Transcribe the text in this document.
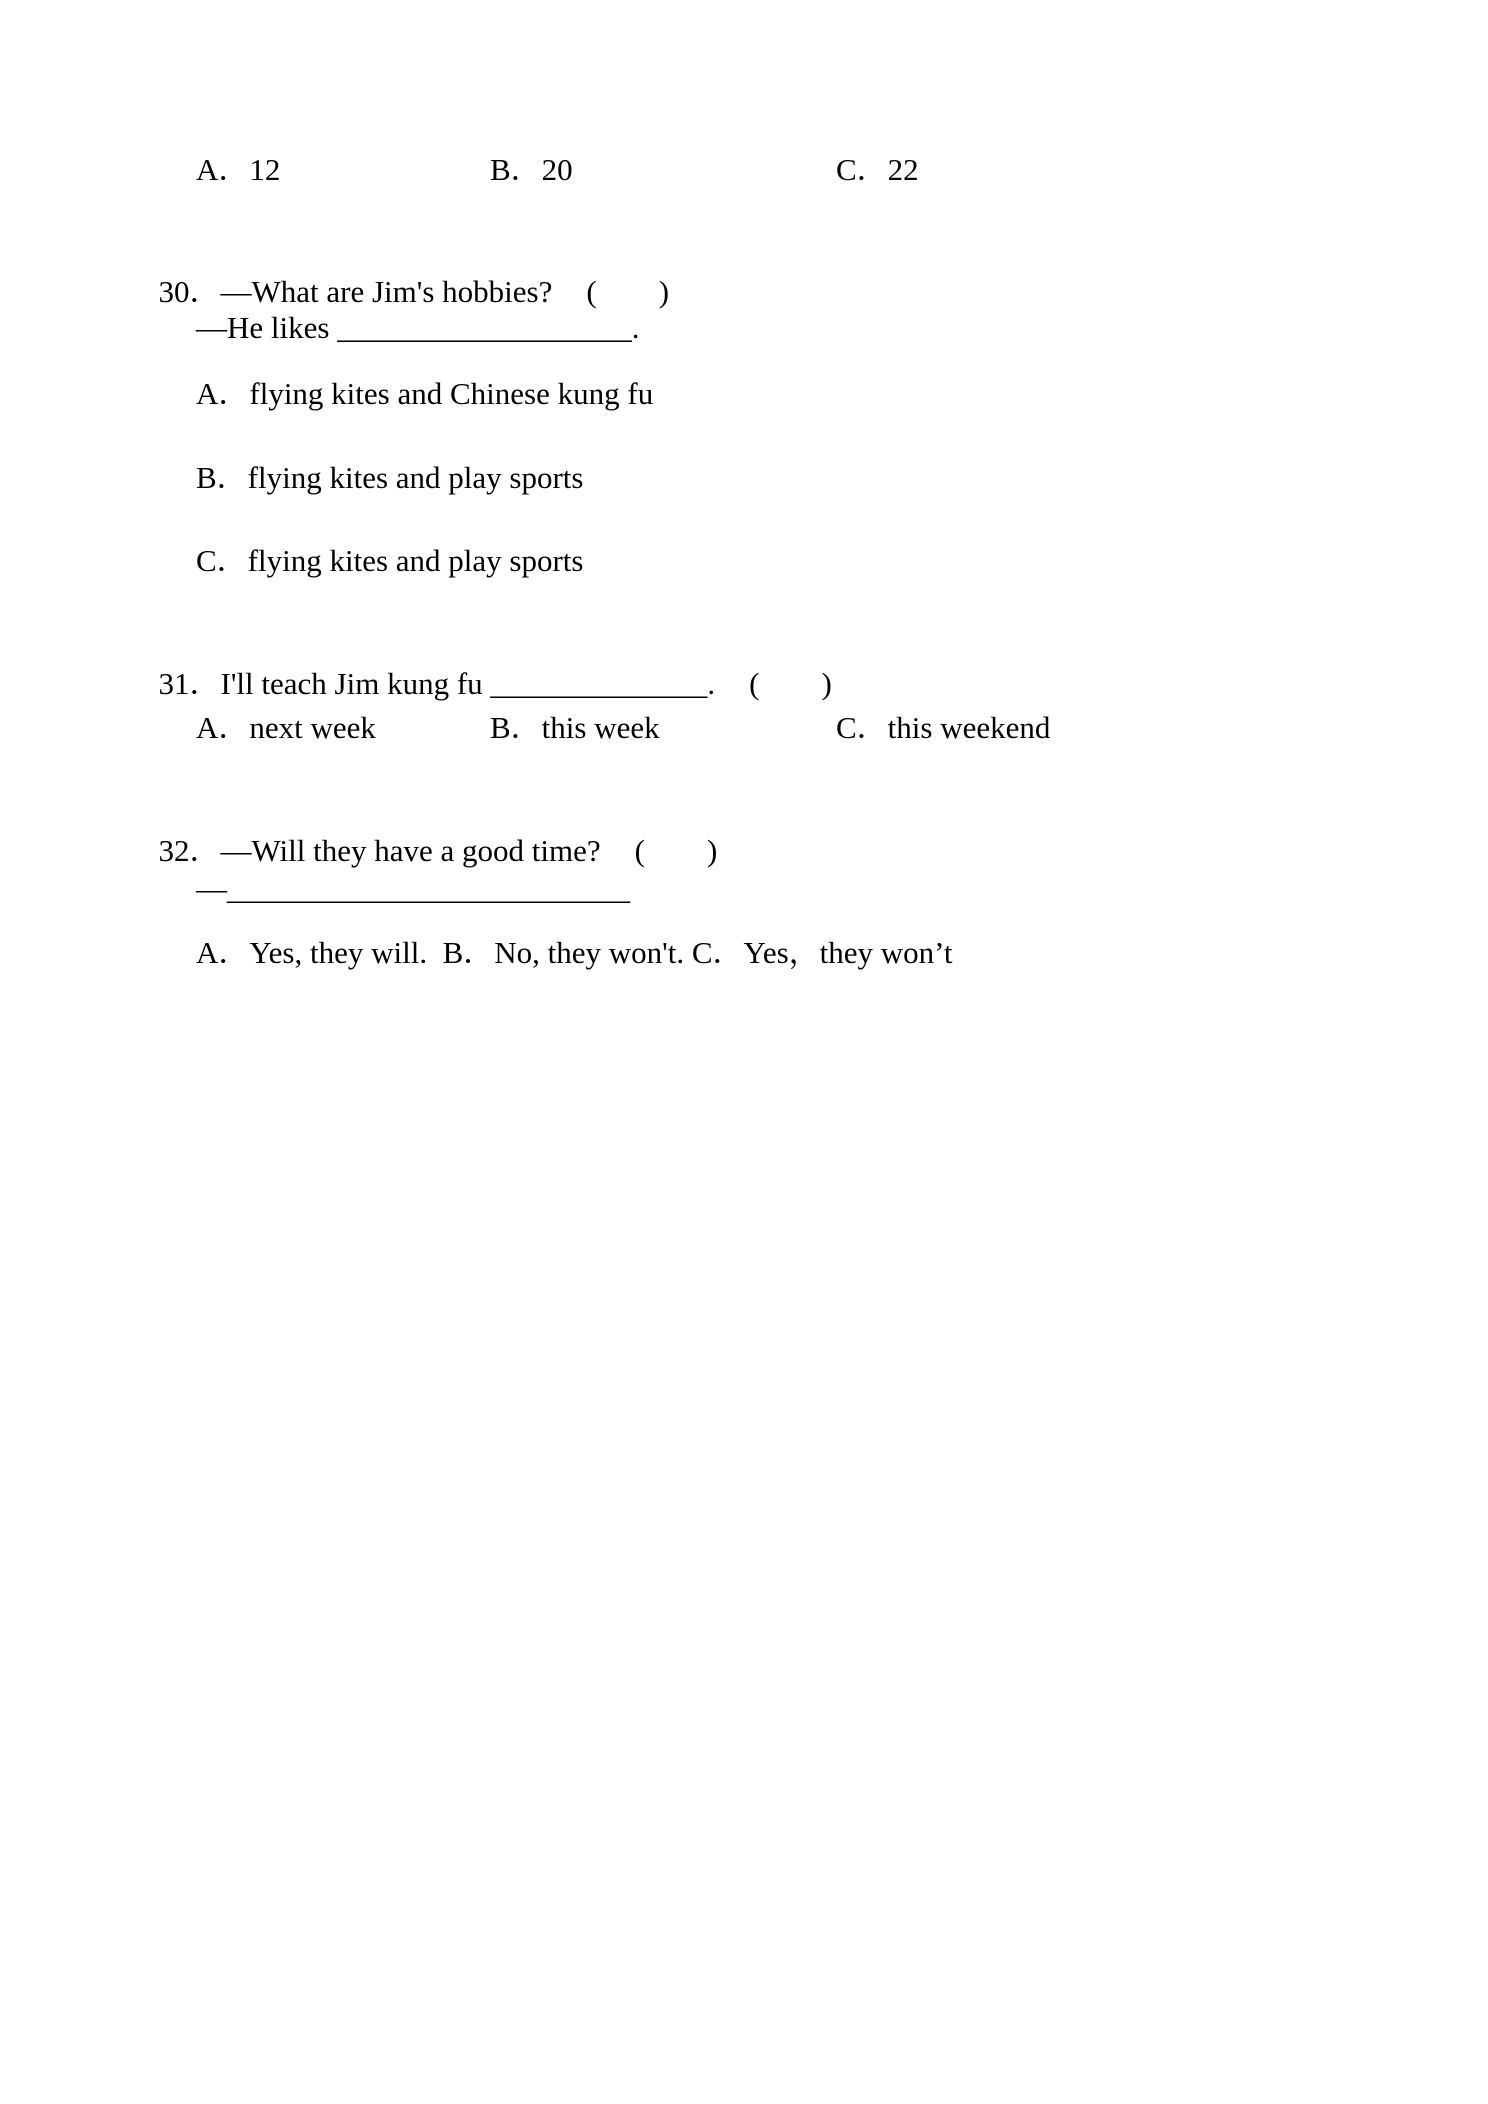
A．12	B．20	C．22

30．—What are Jim's hobbies? ( )

—He likes ___________________.
A．flying kites and Chinese kung fu
B．flying kites and play sports
C．flying kites and play sports

31．I'll teach Jim kung fu ______________. ( )

A．next week	B．this week	C．this weekend

32．—Will they have a good time? ( )

—__________________________
A．Yes, they will.  B．No, they won't. C．Yes，they won’t
